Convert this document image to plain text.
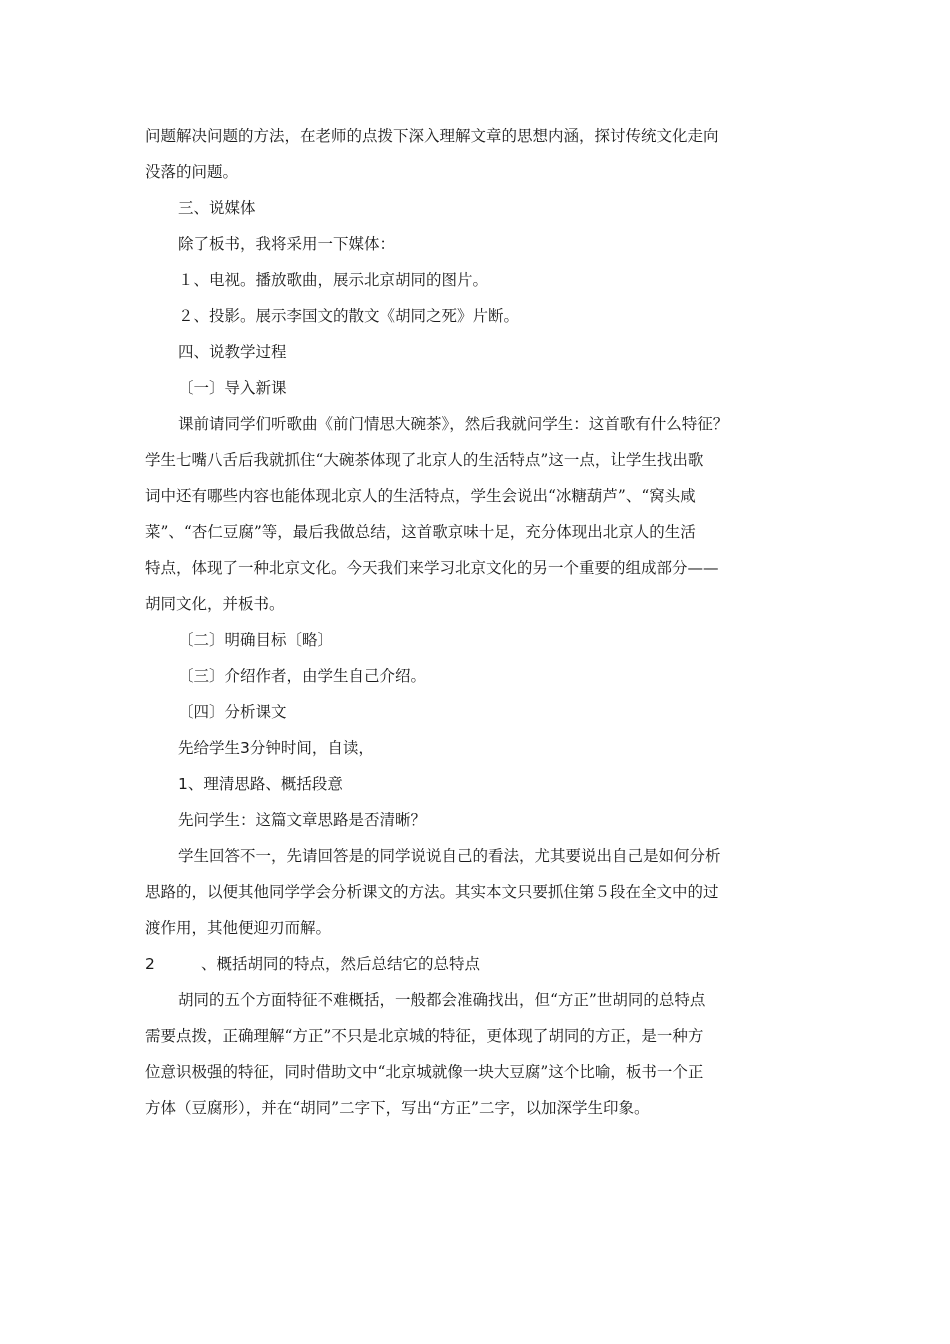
问题解决问题的方法，在老师的点拨下深入理解文章的思想内涵，探讨传统文化走向

没落的问题。

三、说媒体

除了板书，我将采用一下媒体：

１、电视。播放歌曲，展示北京胡同的图片。

２、投影。展示李国文的散文《胡同之死》片断。

四、说教学过程

〔一〕导入新课

课前请同学们听歌曲《前门情思大碗茶》，然后我就问学生：这首歌有什么特征？

学生七嘴八舌后我就抓住“大碗茶体现了北京人的生活特点”这一点，让学生找出歌

词中还有哪些内容也能体现北京人的生活特点，学生会说出“冰糖葫芦”、“窝头咸

菜”、“杏仁豆腐”等，最后我做总结，这首歌京味十足，充分体现出北京人的生活

特点，体现了一种北京文化。今天我们来学习北京文化的另一个重要的组成部分——

胡同文化，并板书。

〔二〕明确目标〔略〕

〔三〕介绍作者，由学生自己介绍。

〔四〕分析课文

先给学生3分钟时间，自读，

1、理清思路、概括段意

先问学生：这篇文章思路是否清晰？

学生回答不一，先请回答是的同学说说自己的看法，尤其要说出自己是如何分析

思路的，以便其他同学学会分析课文的方法。其实本文只要抓住第５段在全文中的过

渡作用，其他便迎刃而解。

2	、概括胡同的特点，然后总结它的总特点

胡同的五个方面特征不难概括，一般都会准确找出，但“方正”世胡同的总特点

需要点拨，正确理解“方正”不只是北京城的特征，更体现了胡同的方正，是一种方

位意识极强的特征，同时借助文中“北京城就像一块大豆腐”这个比喻，板书一个正

方体（豆腐形），并在“胡同”二字下，写出“方正”二字，以加深学生印象。
